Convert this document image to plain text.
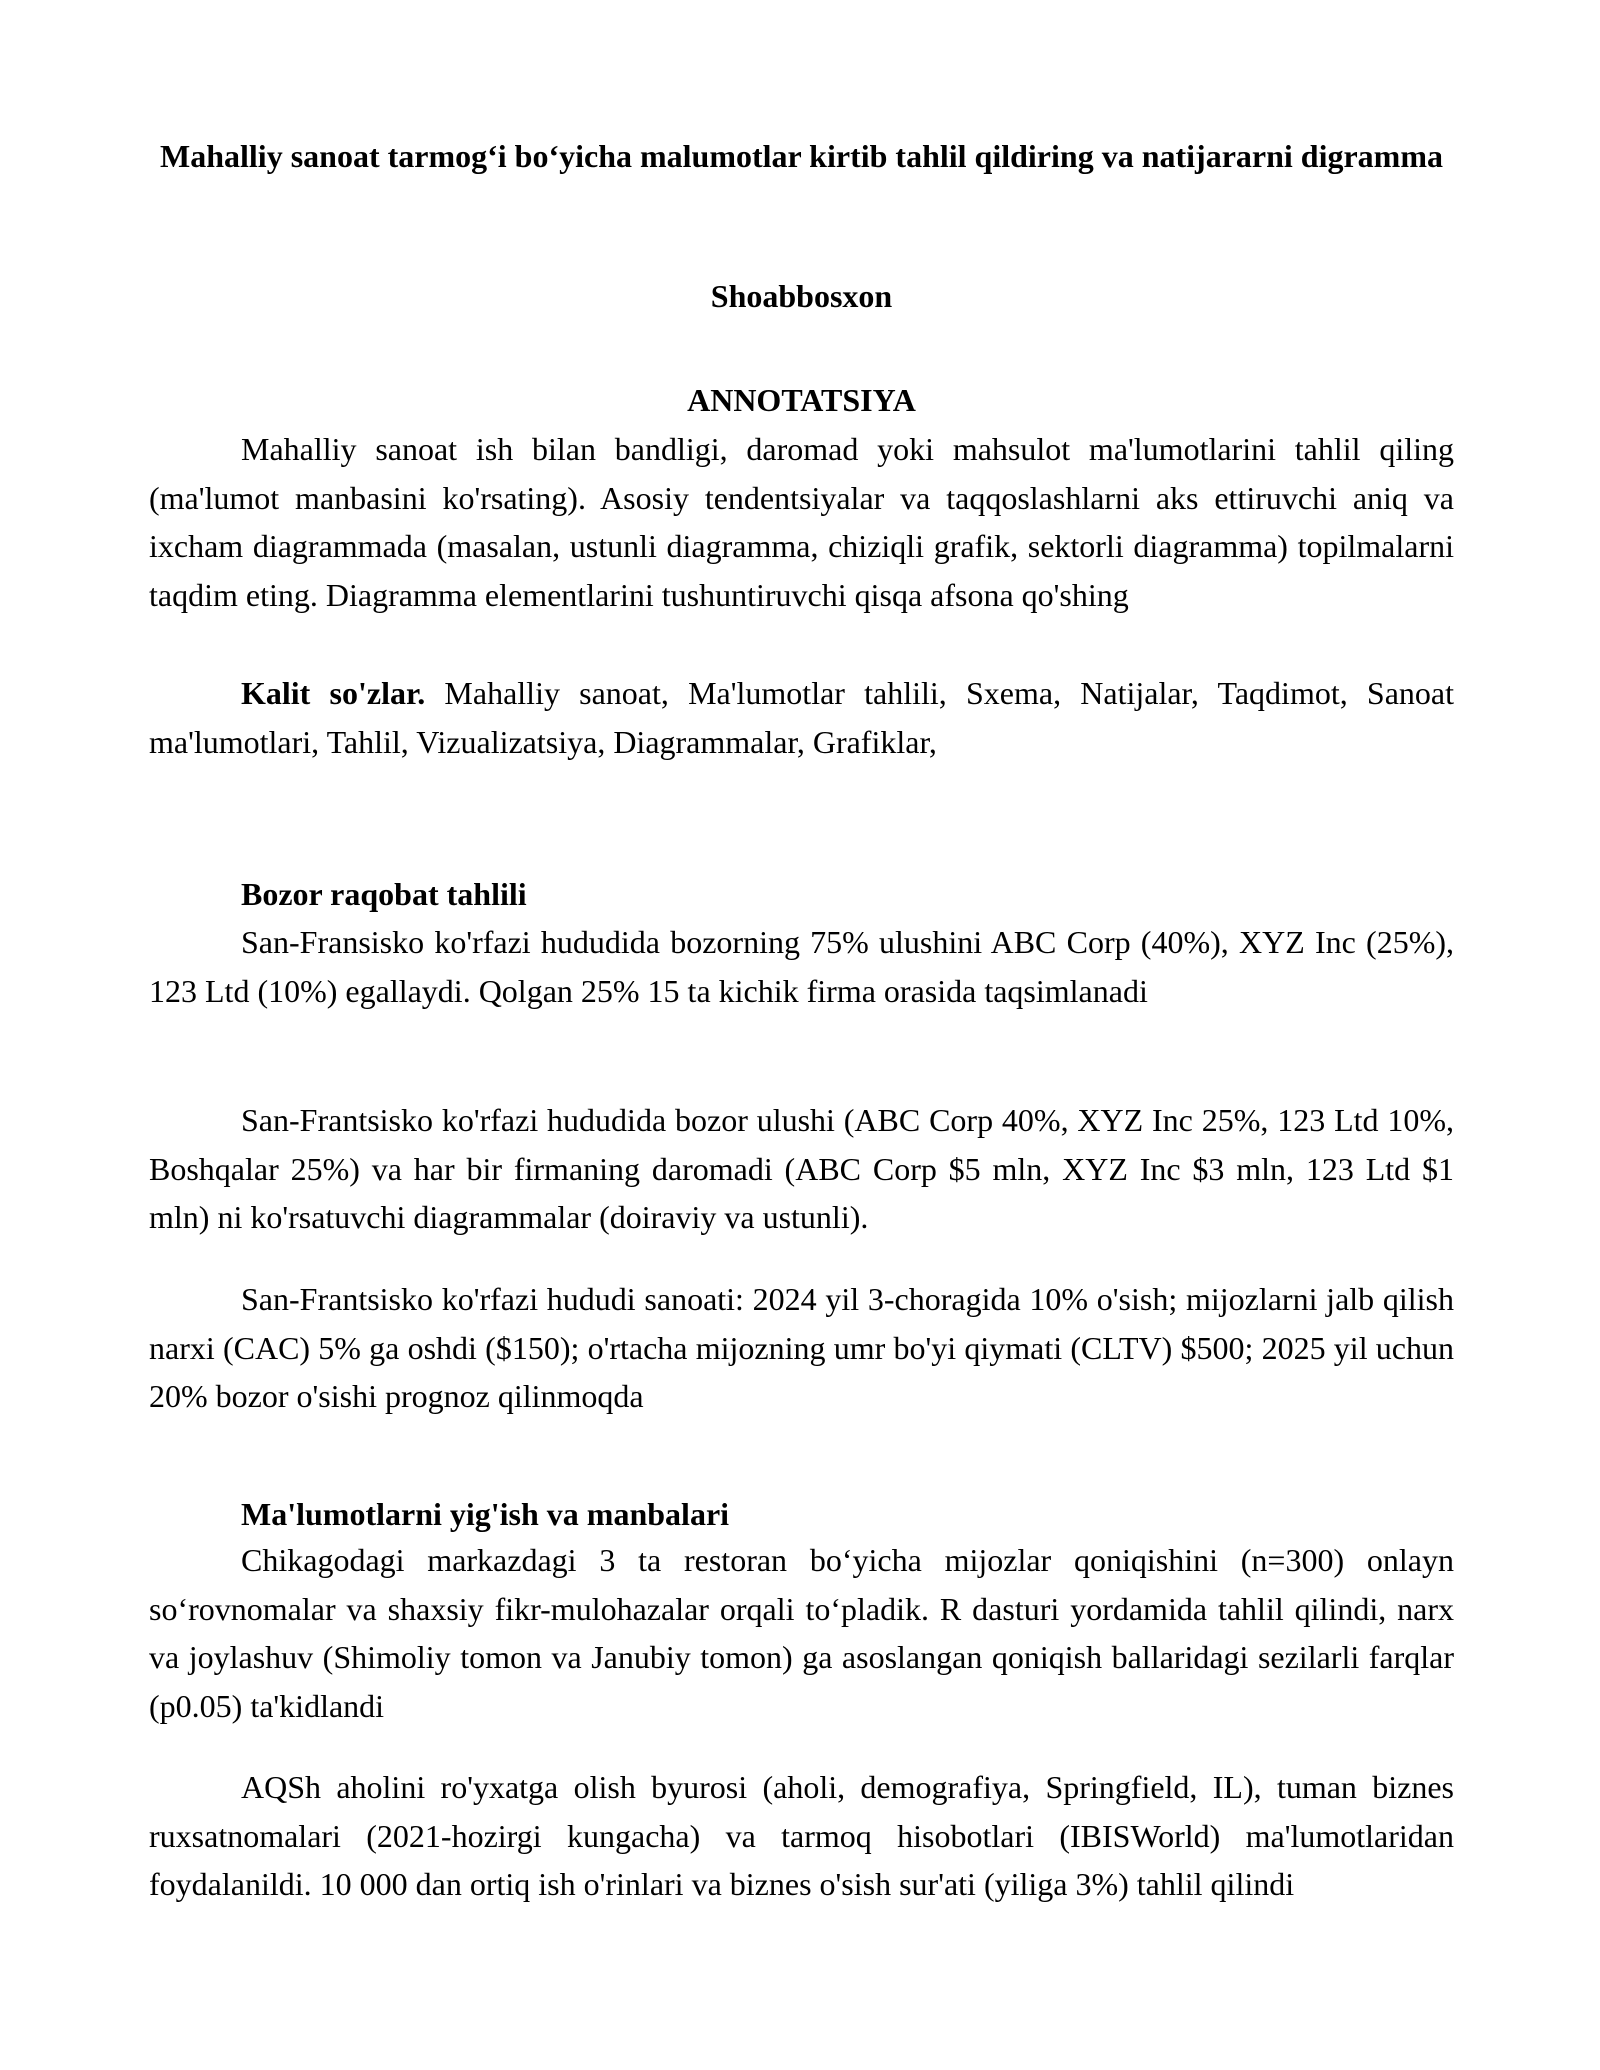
Mahalliy sanoat tarmog‘i bo‘yicha malumotlar kirtib tahlil qildiring va natijararni digramma

Shoabbosxon

ANNOTATSIYA

Mahalliy sanoat ish bilan bandligi, daromad yoki mahsulot ma'lumotlarini tahlil qiling (ma'lumot manbasini ko'rsating). Asosiy tendentsiyalar va taqqoslashlarni aks ettiruvchi aniq va ixcham diagrammada (masalan, ustunli diagramma, chiziqli grafik, sektorli diagramma) topilmalarni taqdim eting. Diagramma elementlarini tushuntiruvchi qisqa afsona qo'shing

Kalit so'zlar. Mahalliy sanoat, Ma'lumotlar tahlili, Sxema, Natijalar, Taqdimot, Sanoat ma'lumotlari, Tahlil, Vizualizatsiya, Diagrammalar, Grafiklar,

Bozor raqobat tahlili

San-Fransisko ko'rfazi hududida bozorning 75% ulushini ABC Corp (40%), XYZ Inc (25%), 123 Ltd (10%) egallaydi. Qolgan 25% 15 ta kichik firma orasida taqsimlanadi

San-Frantsisko ko'rfazi hududida bozor ulushi (ABC Corp 40%, XYZ Inc 25%, 123 Ltd 10%, Boshqalar 25%) va har bir firmaning daromadi (ABC Corp $5 mln, XYZ Inc $3 mln, 123 Ltd $1 mln) ni ko'rsatuvchi diagrammalar (doiraviy va ustunli).

San-Frantsisko ko'rfazi hududi sanoati: 2024 yil 3-choragida 10% o'sish; mijozlarni jalb qilish narxi (CAC) 5% ga oshdi ($150); o'rtacha mijozning umr bo'yi qiymati (CLTV) $500; 2025 yil uchun 20% bozor o'sishi prognoz qilinmoqda

Ma'lumotlarni yig'ish va manbalari

Chikagodagi markazdagi 3 ta restoran bo‘yicha mijozlar qoniqishini (n=300) onlayn so‘rovnomalar va shaxsiy fikr-mulohazalar orqali to‘pladik. R dasturi yordamida tahlil qilindi, narx va joylashuv (Shimoliy tomon va Janubiy tomon) ga asoslangan qoniqish ballaridagi sezilarli farqlar (p0.05) ta'kidlandi

AQSh aholini ro'yxatga olish byurosi (aholi, demografiya, Springfield, IL), tuman biznes ruxsatnomalari (2021-hozirgi kungacha) va tarmoq hisobotlari (IBISWorld) ma'lumotlaridan foydalanildi. 10 000 dan ortiq ish o'rinlari va biznes o'sish sur'ati (yiliga 3%) tahlil qilindi
